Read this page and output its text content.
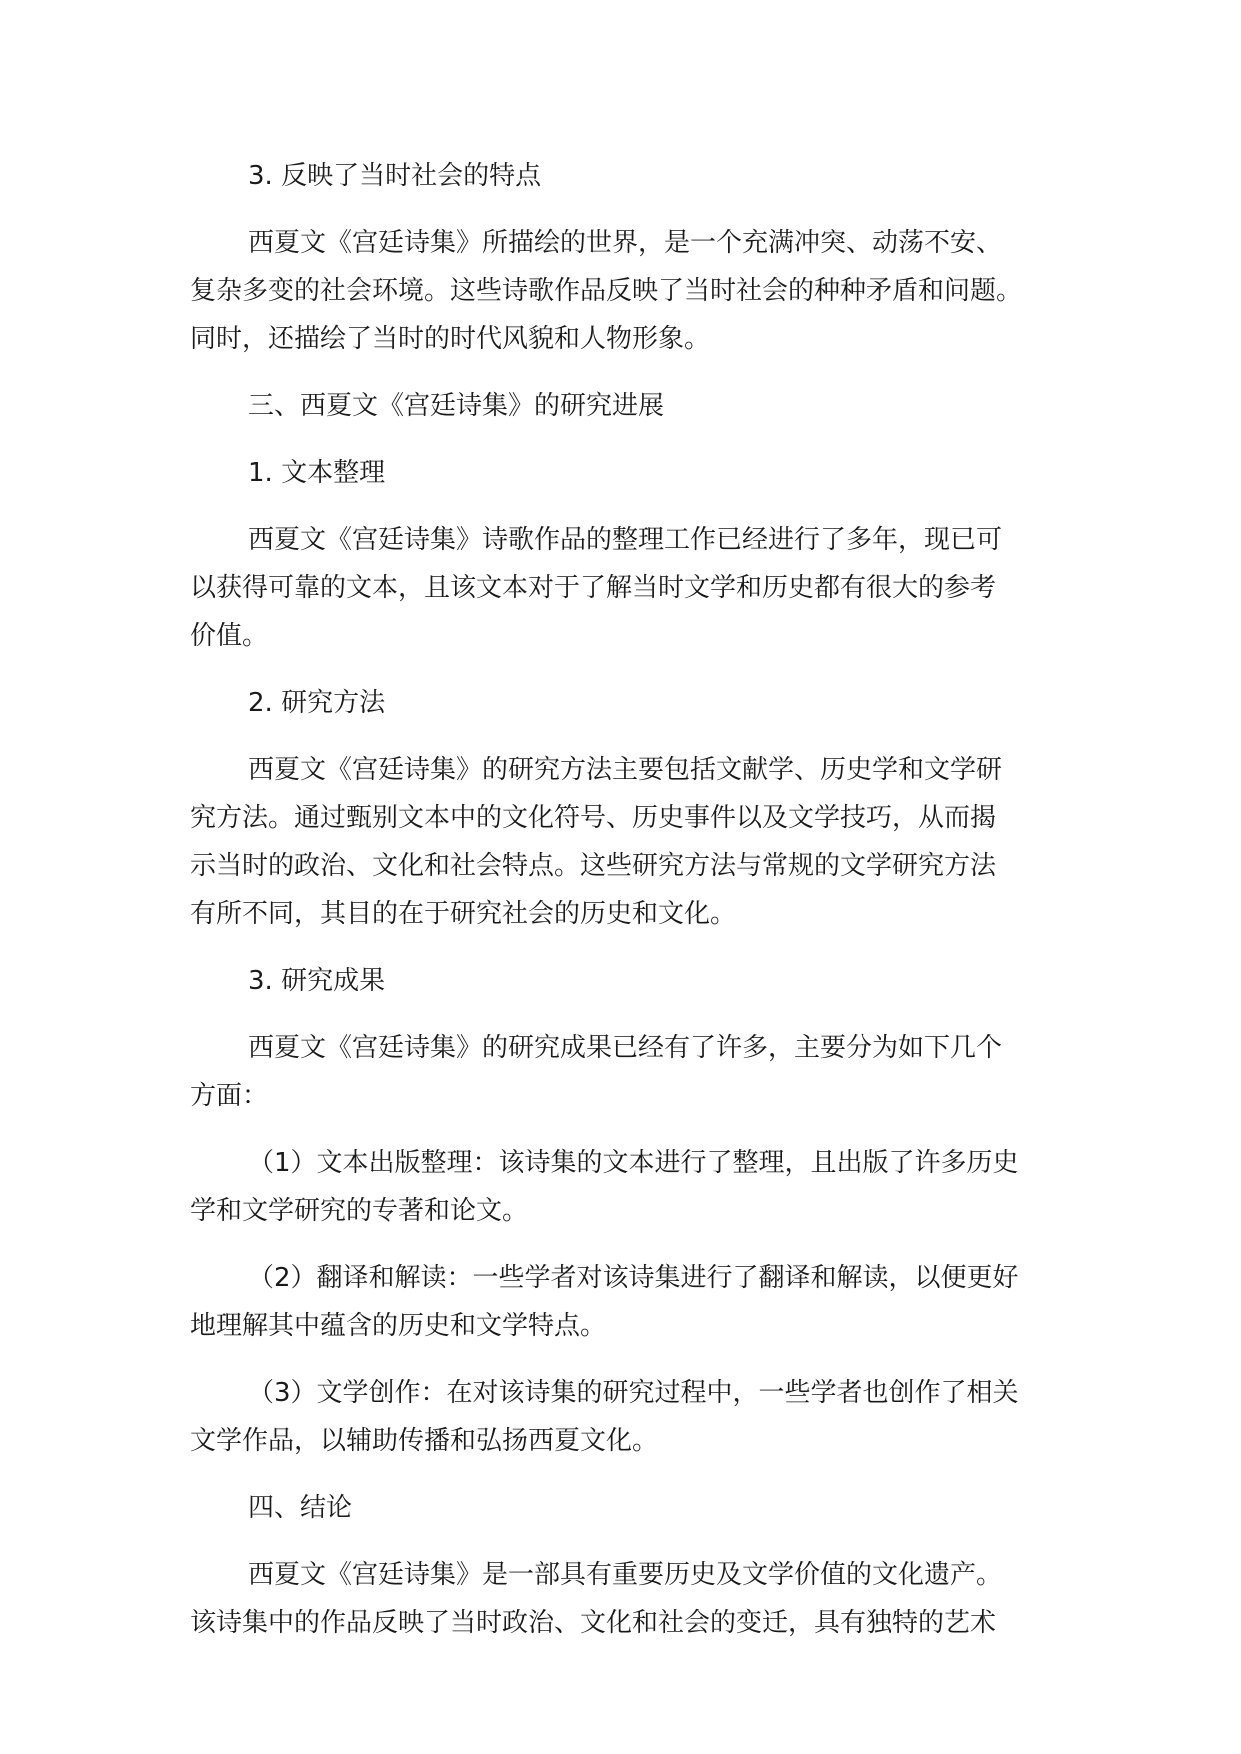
3. 反映了当时社会的特点

西夏文《宫廷诗集》所描绘的世界，是一个充满冲突、动荡不安、
复杂多变的社会环境。这些诗歌作品反映了当时社会的种种矛盾和问题。
同时，还描绘了当时的时代风貌和人物形象。

三、西夏文《宫廷诗集》的研究进展

1. 文本整理

西夏文《宫廷诗集》诗歌作品的整理工作已经进行了多年，现已可
以获得可靠的文本，且该文本对于了解当时文学和历史都有很大的参考
价值。

2. 研究方法

西夏文《宫廷诗集》的研究方法主要包括文献学、历史学和文学研
究方法。通过甄别文本中的文化符号、历史事件以及文学技巧，从而揭
示当时的政治、文化和社会特点。这些研究方法与常规的文学研究方法
有所不同，其目的在于研究社会的历史和文化。

3. 研究成果

西夏文《宫廷诗集》的研究成果已经有了许多，主要分为如下几个
方面：

（1）文本出版整理：该诗集的文本进行了整理，且出版了许多历史
学和文学研究的专著和论文。

（2）翻译和解读：一些学者对该诗集进行了翻译和解读，以便更好
地理解其中蕴含的历史和文学特点。

（3）文学创作：在对该诗集的研究过程中，一些学者也创作了相关
文学作品，以辅助传播和弘扬西夏文化。

四、结论

西夏文《宫廷诗集》是一部具有重要历史及文学价值的文化遗产。
该诗集中的作品反映了当时政治、文化和社会的变迁，具有独特的艺术
